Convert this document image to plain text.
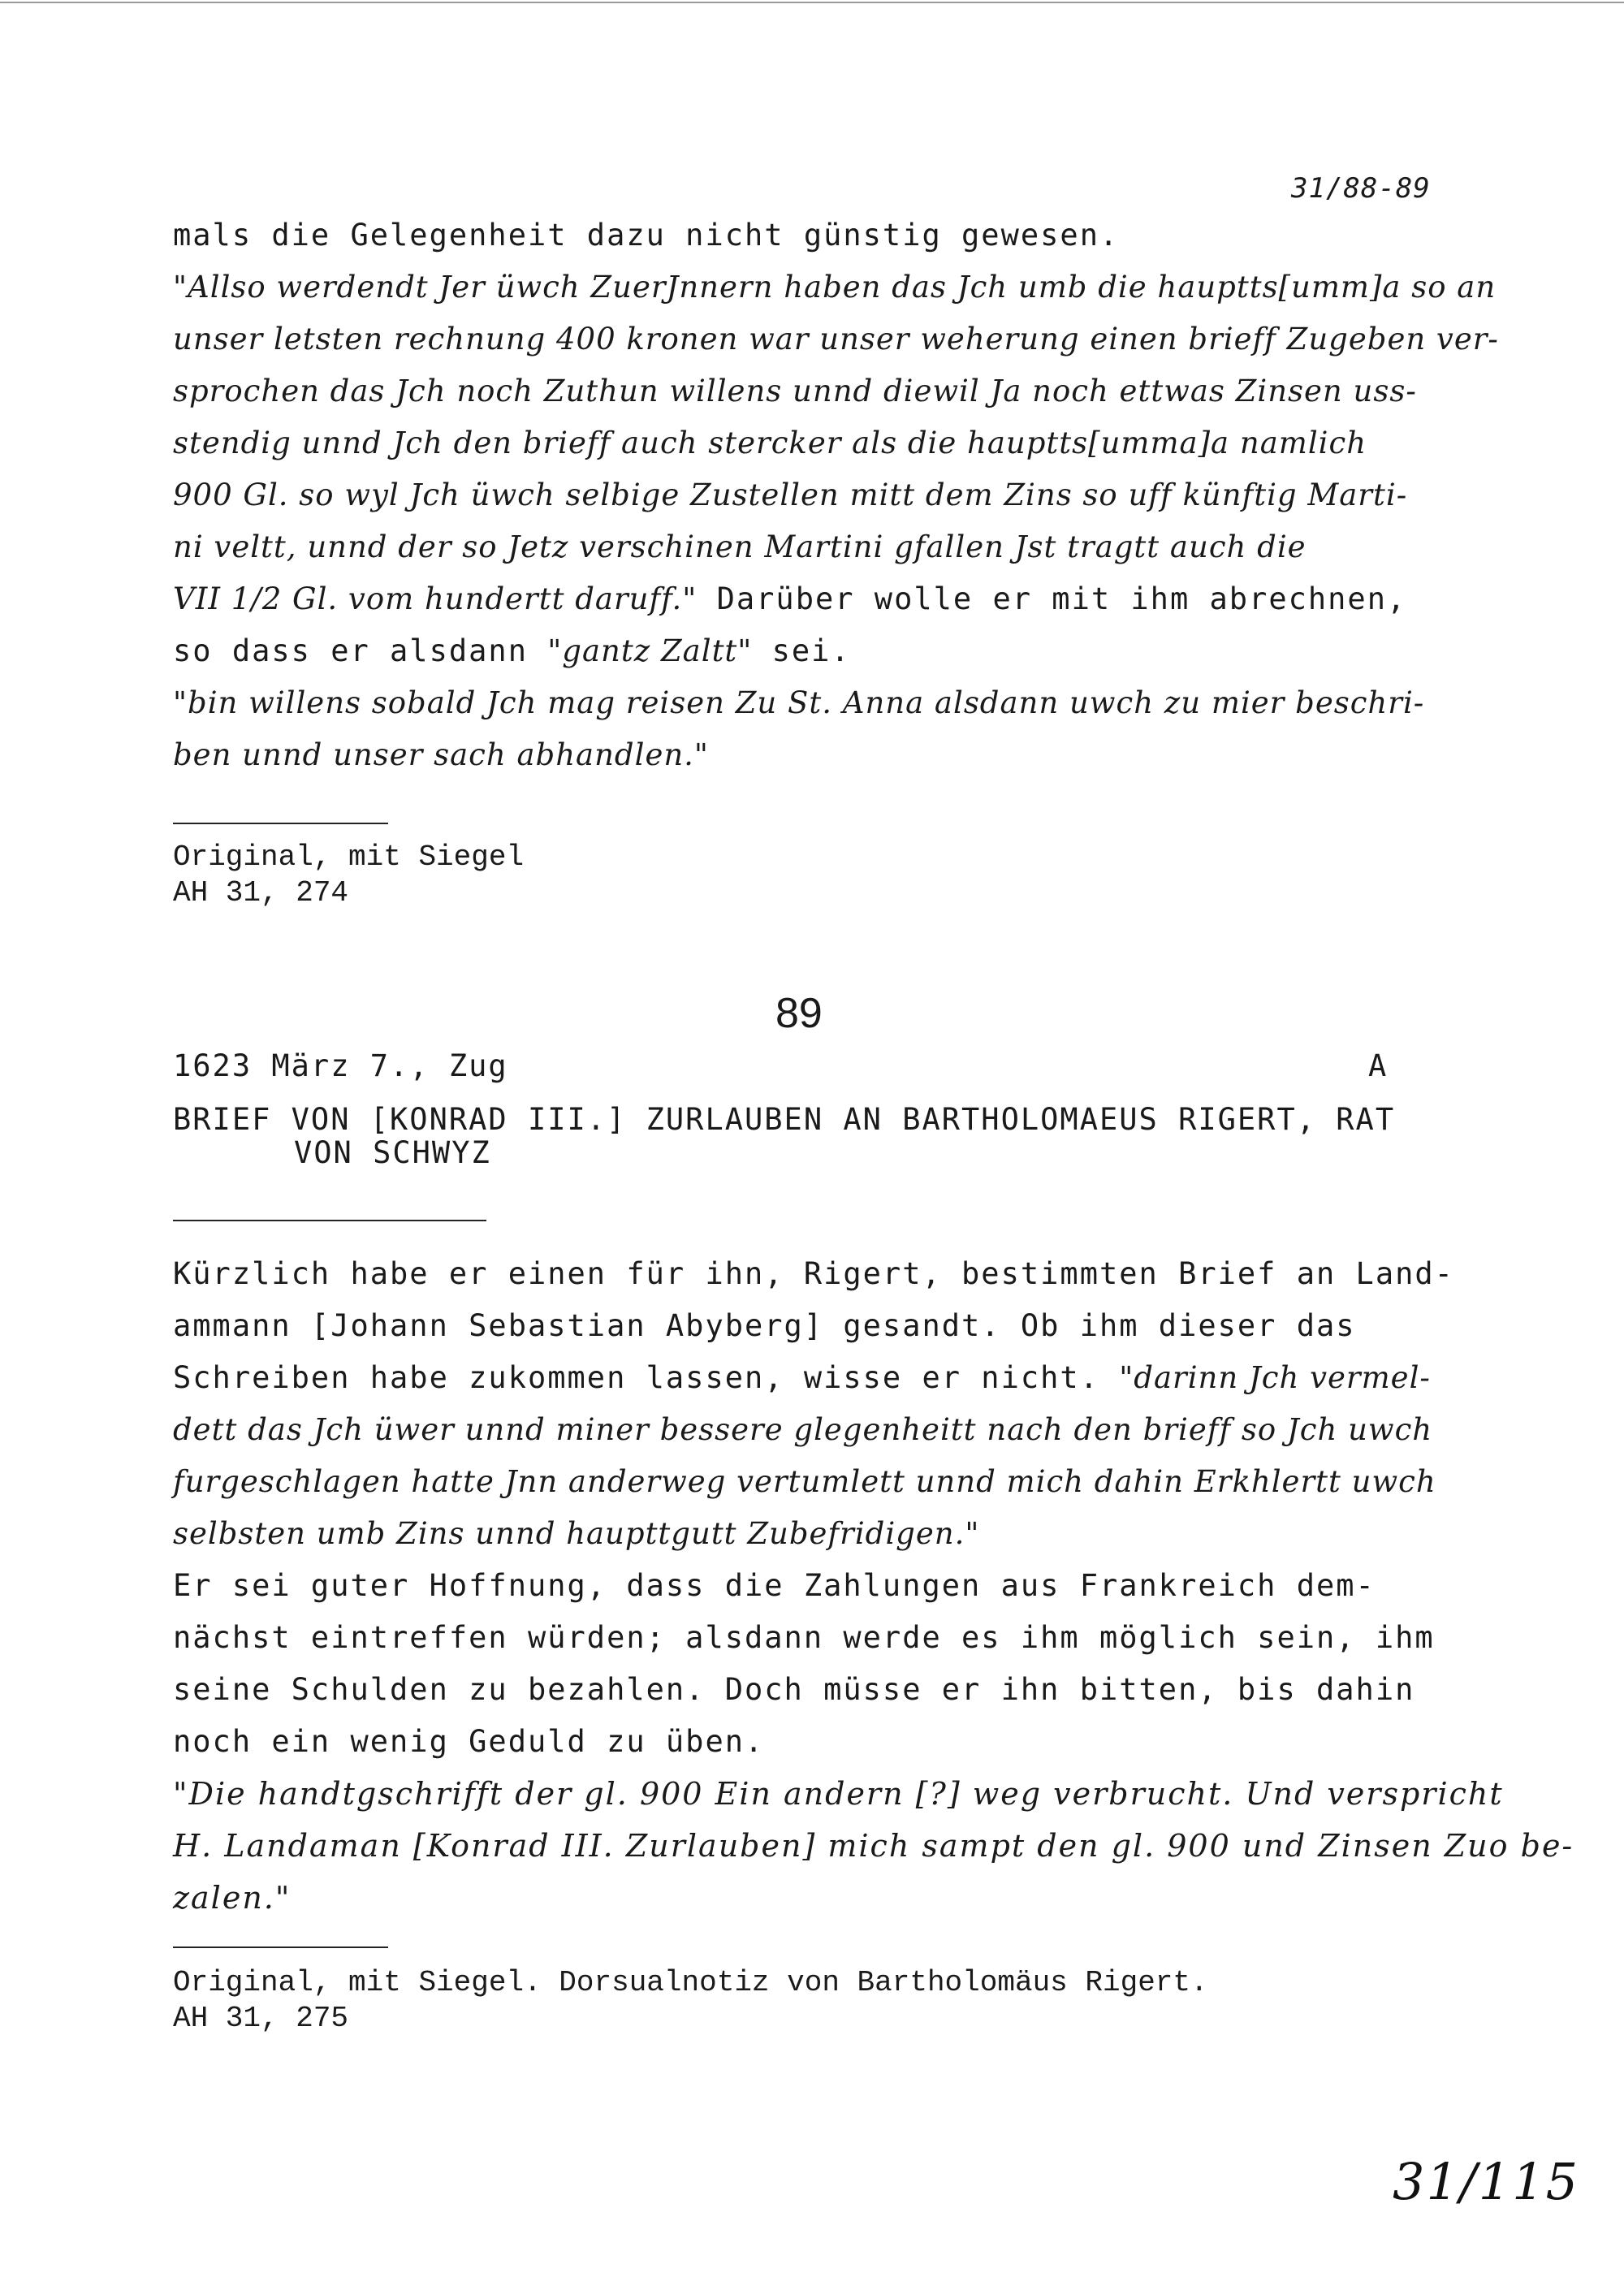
31/88-89
mals die Gelegenheit dazu nicht günstig gewesen.
"Allso werdendt Jer üwch ZuerJnnern haben das Jch umb die hauptts[umm]a so an
unser letsten rechnung 400 kronen war unser weherung einen brieff Zugeben ver-
sprochen das Jch noch Zuthun willens unnd diewil Ja noch ettwas Zinsen uss-
stendig unnd Jch den brieff auch stercker als die hauptts[umma]a namlich
900 Gl. so wyl Jch üwch selbige Zustellen mitt dem Zins so uff künftig Marti-
ni veltt, unnd der so Jetz verschinen Martini gfallen Jst tragtt auch die
VII 1/2 Gl. vom hundertt daruff." Darüber wolle er mit ihm abrechnen,
so dass er alsdann "gantz Zaltt" sei.
"bin willens sobald Jch mag reisen Zu St. Anna alsdann uwch zu mier beschri-
ben unnd unser sach abhandlen."
Original, mit Siegel
AH 31, 274
89
1623 März 7., Zug	A
BRIEF VON [KONRAD III.] ZURLAUBEN AN BARTHOLOMAEUS RIGERT, RAT
VON SCHWYZ
Kürzlich habe er einen für ihn, Rigert, bestimmten Brief an Land-
ammann [Johann Sebastian Abyberg] gesandt. Ob ihm dieser das
Schreiben habe zukommen lassen, wisse er nicht. "darinn Jch vermel-
dett das Jch üwer unnd miner bessere glegenheitt nach den brieff so Jch uwch
furgeschlagen hatte Jnn anderweg vertumlett unnd mich dahin Erkhlertt uwch
selbsten umb Zins unnd haupttgutt Zubefridigen."
Er sei guter Hoffnung, dass die Zahlungen aus Frankreich dem-
nächst eintreffen würden; alsdann werde es ihm möglich sein, ihm
seine Schulden zu bezahlen. Doch müsse er ihn bitten, bis dahin
noch ein wenig Geduld zu üben.
"Die handtgschrifft der gl. 900 Ein andern [?] weg verbrucht. Und verspricht
H. Landaman [Konrad III. Zurlauben] mich sampt den gl. 900 und Zinsen Zuo be-
zalen."
Original, mit Siegel. Dorsualnotiz von Bartholomäus Rigert.
AH 31, 275
31/115
